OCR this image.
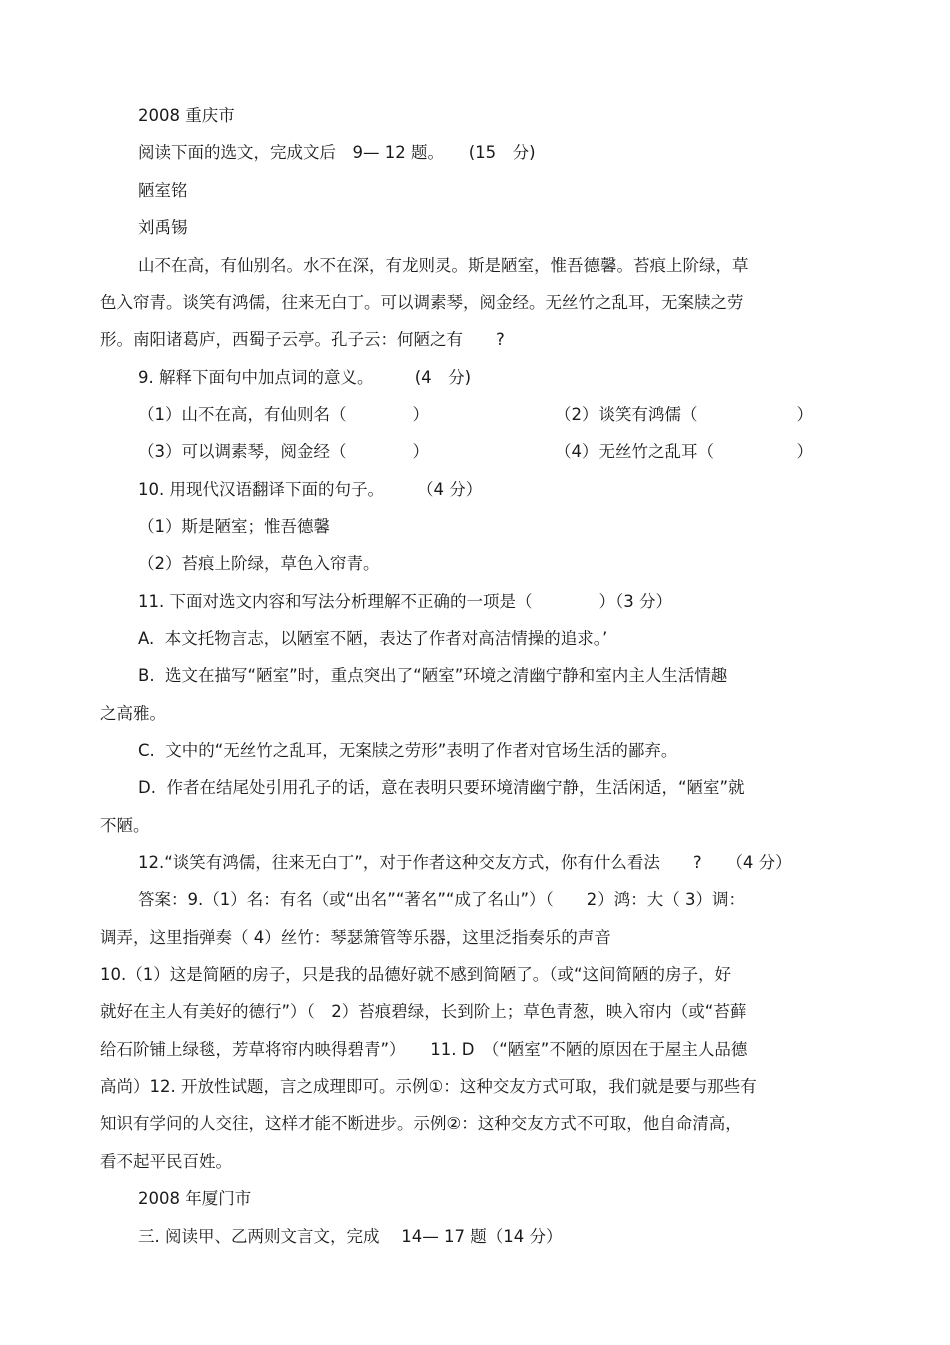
2008 重庆市
阅读下面的选文，完成文后　9— 12 题。　　(15　分)
陋室铭
刘禹锡
山不在高，有仙别名。水不在深，有龙则灵。斯是陋室，惟吾德馨。苔痕上阶绿，草
色入帘青。谈笑有鸿儒，往来无白丁。可以调素琴，阅金经。无丝竹之乱耳，无案牍之劳
形。南阳诸葛庐，西蜀子云亭。孔子云：何陋之有　　?
9. 解释下面句中加点词的意义。　　　(4　分)
（1）山不在高，有仙则名（　　　　）	（2）谈笑有鸿儒（　　　　　　）
（3）可以调素琴，阅金经（　　　　）	（4）无丝竹之乱耳（　　　　　）
10. 用现代汉语翻译下面的句子。　　　（4 分）
（1）斯是陋室；惟吾德馨
（2）苔痕上阶绿，草色入帘青。
11. 下面对选文内容和写法分析理解不正确的一项是（　　　　）（3 分）
A.  本文托物言志，以陋室不陋，表达了作者对高洁情操的追求。’
B.  选文在描写“陋室”时，重点突出了“陋室”环境之清幽宁静和室内主人生活情趣
之高雅。
C.  文中的“无丝竹之乱耳，无案牍之劳形”表明了作者对官场生活的鄙弃。
D.  作者在结尾处引用孔子的话，意在表明只要环境清幽宁静，生活闲适，“陋室”就
不陋。
12.“谈笑有鸿儒，往来无白丁”，对于作者这种交友方式，你有什么看法　　?　　（4 分）
答案：9.（1）名：有名（或“出名”“著名”“成了名山”）（　　2）鸿：大（ 3）调：
调弄，这里指弹奏（ 4）丝竹：琴瑟箫管等乐器，这里泛指奏乐的声音
10.（1）这是简陋的房子，只是我的品德好就不感到简陋了。（或“这间简陋的房子，好
就好在主人有美好的德行”）（　2）苔痕碧绿，长到阶上；草色青葱，映入帘内（或“苔藓
给石阶铺上绿毯，芳草将帘内映得碧青”）　　11. D　（“陋室”不陋的原因在于屋主人品德
高尚）12. 开放性试题，言之成理即可。示例①：这种交友方式可取，我们就是要与那些有
知识有学问的人交往，这样才能不断进步。示例②：这种交友方式不可取，他自命清高，
看不起平民百姓。
2008 年厦门市
三. 阅读甲、乙两则文言文，完成　 14— 17 题（14 分）
